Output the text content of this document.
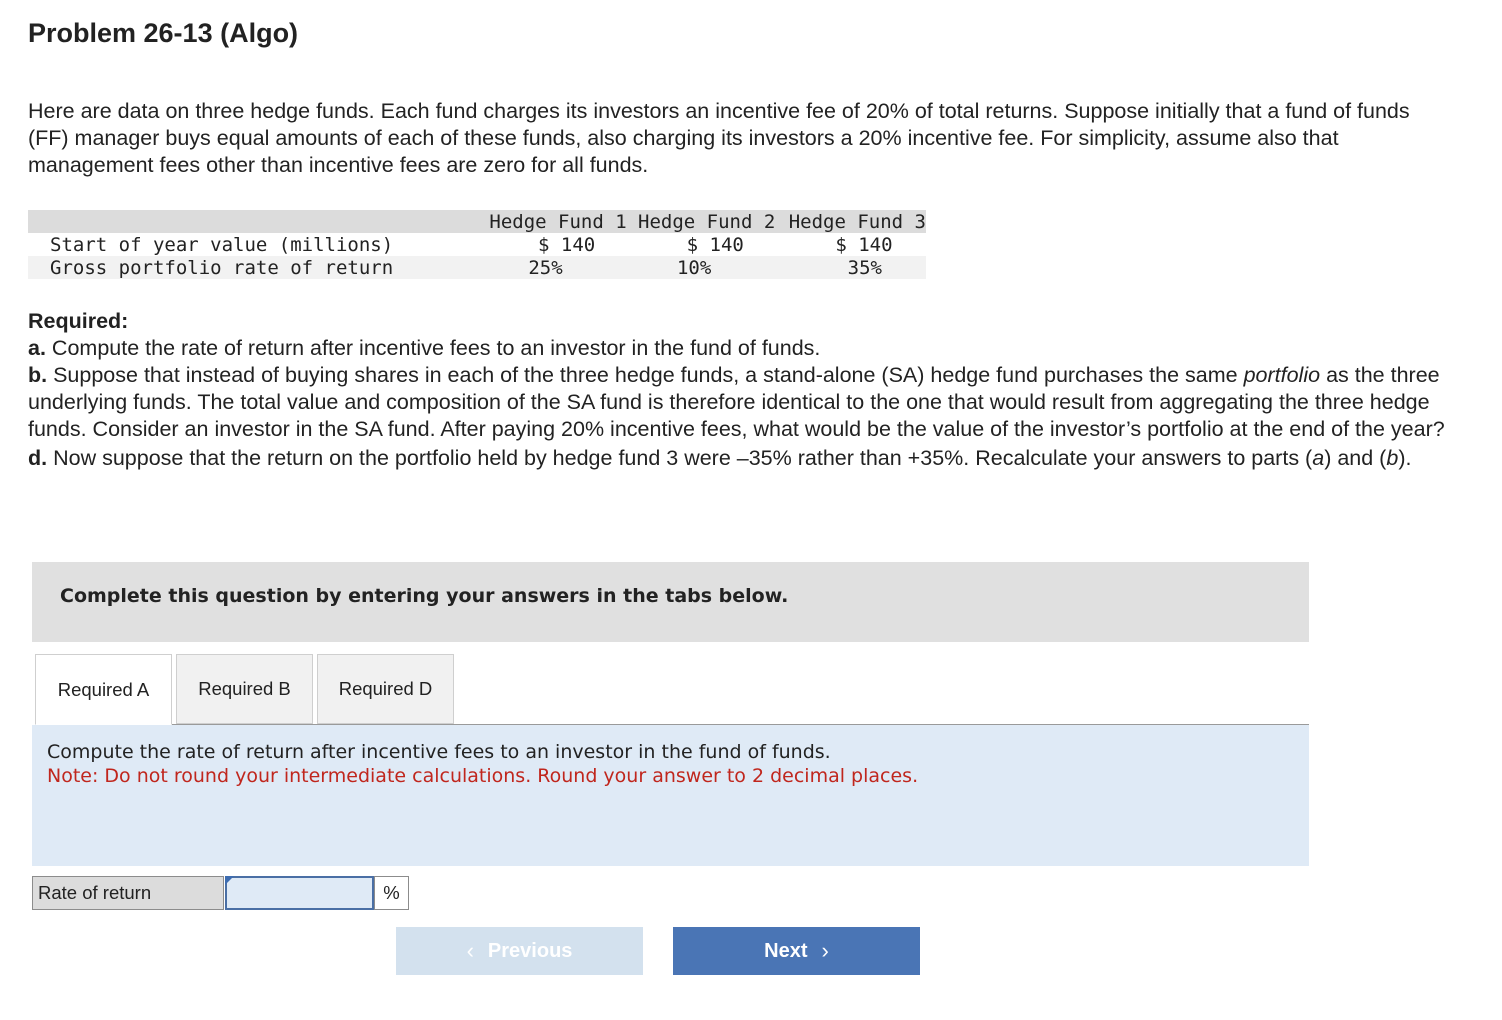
Problem 26-13 (Algo)
Here are data on three hedge funds. Each fund charges its investors an incentive fee of 20% of total returns. Suppose initially that a fund of funds (FF) manager buys equal amounts of each of these funds, also charging its investors a 20% incentive fee. For simplicity, assume also that management fees other than incentive fees are zero for all funds.
	Hedge Fund 1	Hedge Fund 2	Hedge Fund 3
Start of year value (millions)	$ 140	$ 140	$ 140
Gross portfolio rate of return	25%	10%	35%

Required:

a. Compute the rate of return after incentive fees to an investor in the fund of funds.

b. Suppose that instead of buying shares in each of the three hedge funds, a stand-alone (SA) hedge fund purchases the same portfolio as the three underlying funds. The total value and composition of the SA fund is therefore identical to the one that would result from aggregating the three hedge funds. Consider an investor in the SA fund. After paying 20% incentive fees, what would be the value of the investor’s portfolio at the end of the year?

d. Now suppose that the return on the portfolio held by hedge fund 3 were –35% rather than +35%. Recalculate your answers to parts (a) and (b).

Complete this question by entering your answers in the tabs below.
Required A	Required B	Required D
Compute the rate of return after incentive fees to an investor in the fund of funds.
Note: Do not round your intermediate calculations. Round your answer to 2 decimal places.
Rate of return	%
‹ Previous	Next ›
